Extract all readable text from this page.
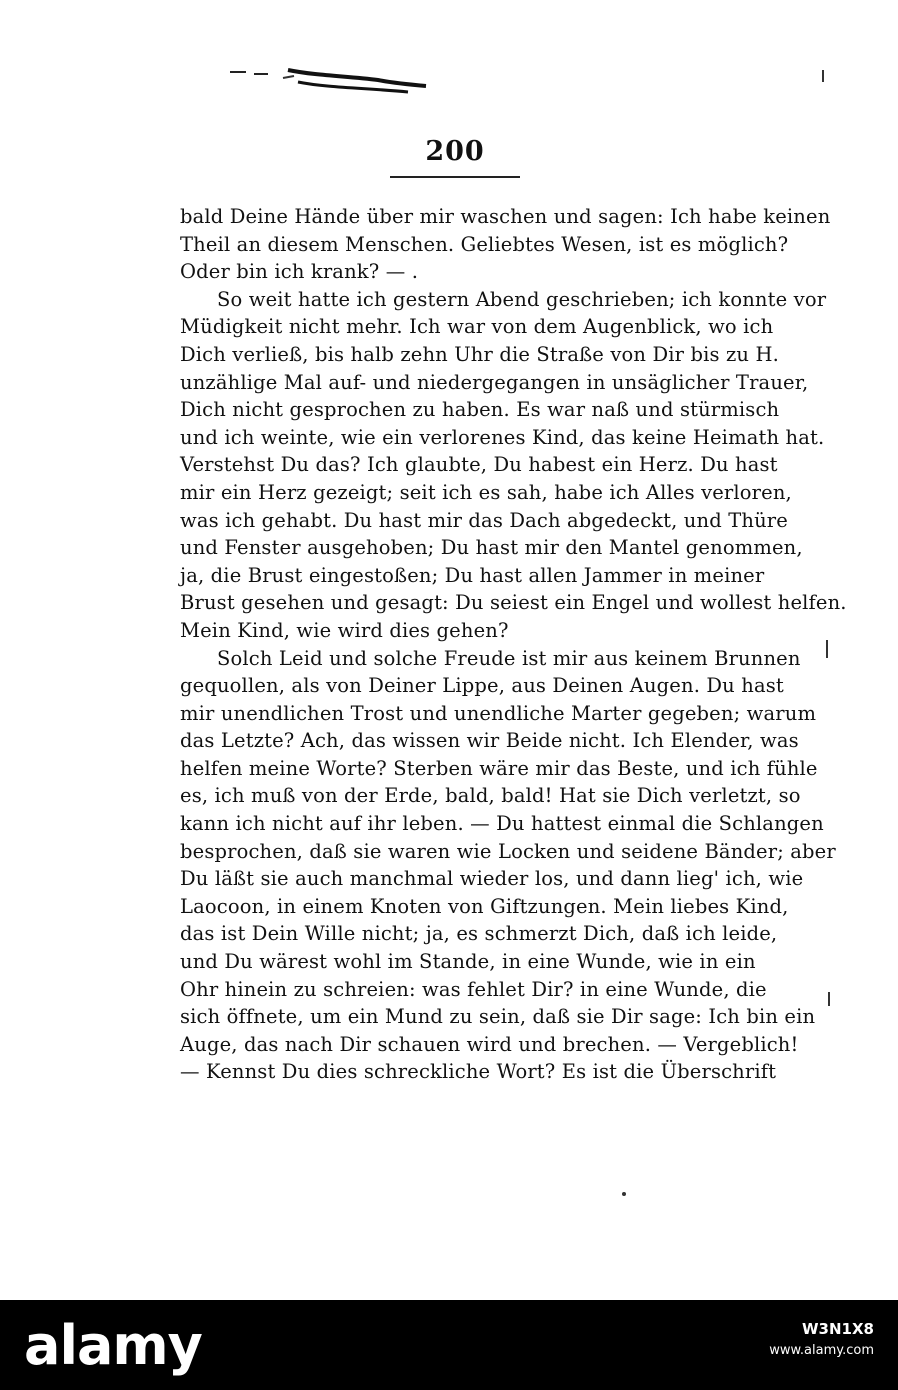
200
bald Deine Hände über mir waschen und sagen: Ich habe keinen
Theil an diesem Menschen. Geliebtes Wesen, ist es möglich?
Oder bin ich krank? — .
So weit hatte ich gestern Abend geschrieben; ich konnte vor
Müdigkeit nicht mehr. Ich war von dem Augenblick, wo ich
Dich verließ, bis halb zehn Uhr die Straße von Dir bis zu H.
unzählige Mal auf- und niedergegangen in unsäglicher Trauer,
Dich nicht gesprochen zu haben. Es war naß und stürmisch
und ich weinte, wie ein verlorenes Kind, das keine Heimath hat.
Verstehst Du das? Ich glaubte, Du habest ein Herz. Du hast
mir ein Herz gezeigt; seit ich es sah, habe ich Alles verloren,
was ich gehabt. Du hast mir das Dach abgedeckt, und Thüre
und Fenster ausgehoben; Du hast mir den Mantel genommen,
ja, die Brust eingestoßen; Du hast allen Jammer in meiner
Brust gesehen und gesagt: Du seiest ein Engel und wollest helfen.
Mein Kind, wie wird dies gehen?
Solch Leid und solche Freude ist mir aus keinem Brunnen
gequollen, als von Deiner Lippe, aus Deinen Augen. Du hast
mir unendlichen Trost und unendliche Marter gegeben; warum
das Letzte? Ach, das wissen wir Beide nicht. Ich Elender, was
helfen meine Worte? Sterben wäre mir das Beste, und ich fühle
es, ich muß von der Erde, bald, bald! Hat sie Dich verletzt, so
kann ich nicht auf ihr leben. — Du hattest einmal die Schlangen
besprochen, daß sie waren wie Locken und seidene Bänder; aber
Du läßt sie auch manchmal wieder los, und dann lieg' ich, wie
Laocoon, in einem Knoten von Giftzungen. Mein liebes Kind,
das ist Dein Wille nicht; ja, es schmerzt Dich, daß ich leide,
und Du wärest wohl im Stande, in eine Wunde, wie in ein
Ohr hinein zu schreien: was fehlet Dir? in eine Wunde, die
sich öffnete, um ein Mund zu sein, daß sie Dir sage: Ich bin ein
Auge, das nach Dir schauen wird und brechen. — Vergeblich!
— Kennst Du dies schreckliche Wort? Es ist die Überschrift
alamy	W3N1X8
www.alamy.com
